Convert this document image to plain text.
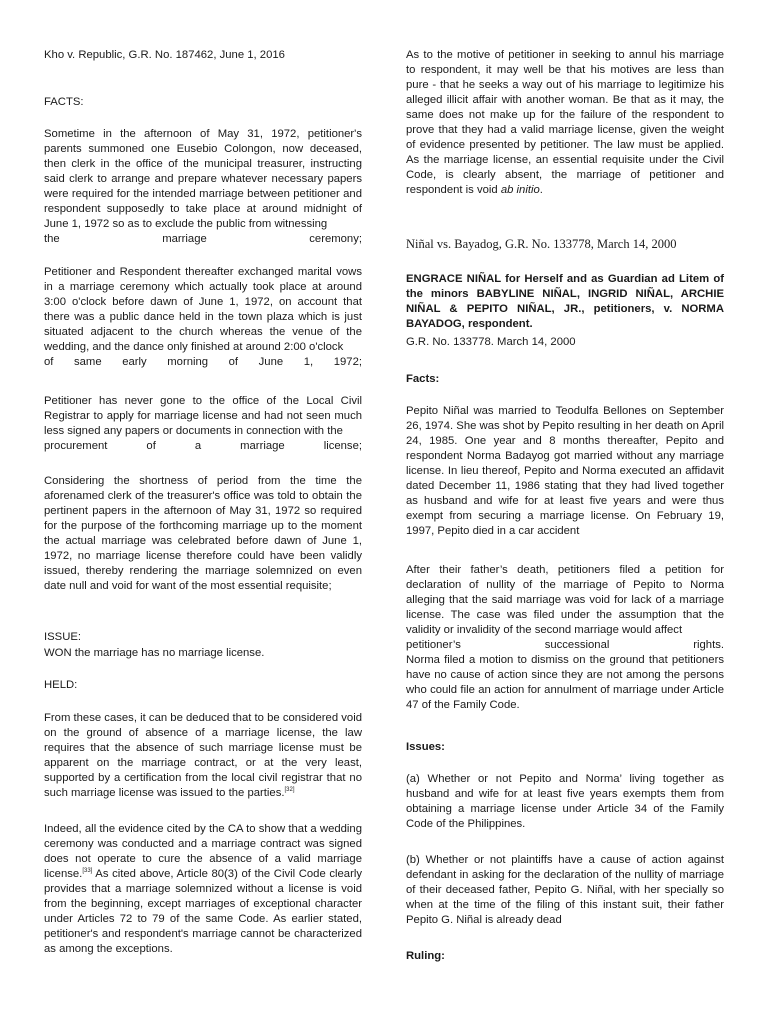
Kho v. Republic, G.R. No. 187462, June 1, 2016

FACTS:

Sometime in the afternoon of May 31, 1972, petitioner's parents summoned one Eusebio Colongon, now deceased, then clerk in the office of the municipal treasurer, instructing said clerk to arrange and prepare whatever necessary papers were required for the intended marriage between petitioner and respondent supposedly to take place at around midnight of June 1, 1972 so as to exclude the public from witnessing

the marriage ceremony;

Petitioner and Respondent thereafter exchanged marital vows in a marriage ceremony which actually took place at around 3:00 o'clock before dawn of June 1, 1972, on account that there was a public dance held in the town plaza which is just situated adjacent to the church whereas the venue of the wedding, and the dance only finished at around 2:00 o'clock

of same early morning of June 1, 1972;

Petitioner has never gone to the office of the Local Civil Registrar to apply for marriage license and had not seen much less signed any papers or documents in connection with the

procurement of a marriage license;

Considering the shortness of period from the time the aforenamed clerk of the treasurer's office was told to obtain the pertinent papers in the afternoon of May 31, 1972 so required for the purpose of the forthcoming marriage up to the moment the actual marriage was celebrated before dawn of June 1, 1972, no marriage license therefore could have been validly issued, thereby rendering the marriage solemnized on even date null and void for want of the most essential requisite;

ISSUE:

WON the marriage has no marriage license.

HELD:

From these cases, it can be deduced that to be considered void on the ground of absence of a marriage license, the law requires that the absence of such marriage license must be apparent on the marriage contract, or at the very least, supported by a certification from the local civil registrar that no such marriage license was issued to the parties.[32]

Indeed, all the evidence cited by the CA to show that a wedding ceremony was conducted and a marriage contract was signed does not operate to cure the absence of a valid marriage license.[33] As cited above, Article 80(3) of the Civil Code clearly provides that a marriage solemnized without a license is void from the beginning, except marriages of exceptional character under Articles 72 to 79 of the same Code. As earlier stated, petitioner's and respondent's marriage cannot be characterized as among the exceptions.

As to the motive of petitioner in seeking to annul his marriage to respondent, it may well be that his motives are less than pure - that he seeks a way out of his marriage to legitimize his alleged illicit affair with another woman. Be that as it may, the same does not make up for the failure of the respondent to prove that they had a valid marriage license, given the weight of evidence presented by petitioner. The law must be applied. As the marriage license, an essential requisite under the Civil Code, is clearly absent, the marriage of petitioner and respondent is void ab initio.

Niñal vs. Bayadog, G.R. No. 133778, March 14, 2000

ENGRACE NIÑAL for Herself and as Guardian ad Litem of the minors BABYLINE NIÑAL, INGRID NIÑAL, ARCHIE NIÑAL & PEPITO NIÑAL, JR., petitioners, v. NORMA BAYADOG, respondent.

G.R. No. 133778. March 14, 2000

Facts:

Pepito Niñal was married to Teodulfa Bellones on September 26, 1974. She was shot by Pepito resulting in her death on April 24, 1985. One year and 8 months thereafter, Pepito and respondent Norma Badayog got married without any marriage license. In lieu thereof, Pepito and Norma executed an affidavit dated December 11, 1986 stating that they had lived together as husband and wife for at least five years and were thus exempt from securing a marriage license. On February 19, 1997, Pepito died in a car accident

After their father’s death, petitioners filed a petition for declaration of nullity of the marriage of Pepito to Norma alleging that the said marriage was void for lack of a marriage license. The case was filed under the assumption that the validity or invalidity of the second marriage would affect

petitioner’s successional rights.

Norma filed a motion to dismiss on the ground that petitioners have no cause of action since they are not among the persons who could file an action for annulment of marriage under Article 47 of the Family Code.

Issues:

(a) Whether or not Pepito and Norma’ living together as husband and wife for at least five years exempts them from obtaining a marriage license under Article 34 of the Family Code of the Philippines.

(b) Whether or not plaintiffs have a cause of action against defendant in asking for the declaration of the nullity of marriage of their deceased father, Pepito G. Niñal, with her specially so when at the time of the filing of this instant suit, their father Pepito G. Niñal is already dead

Ruling:
